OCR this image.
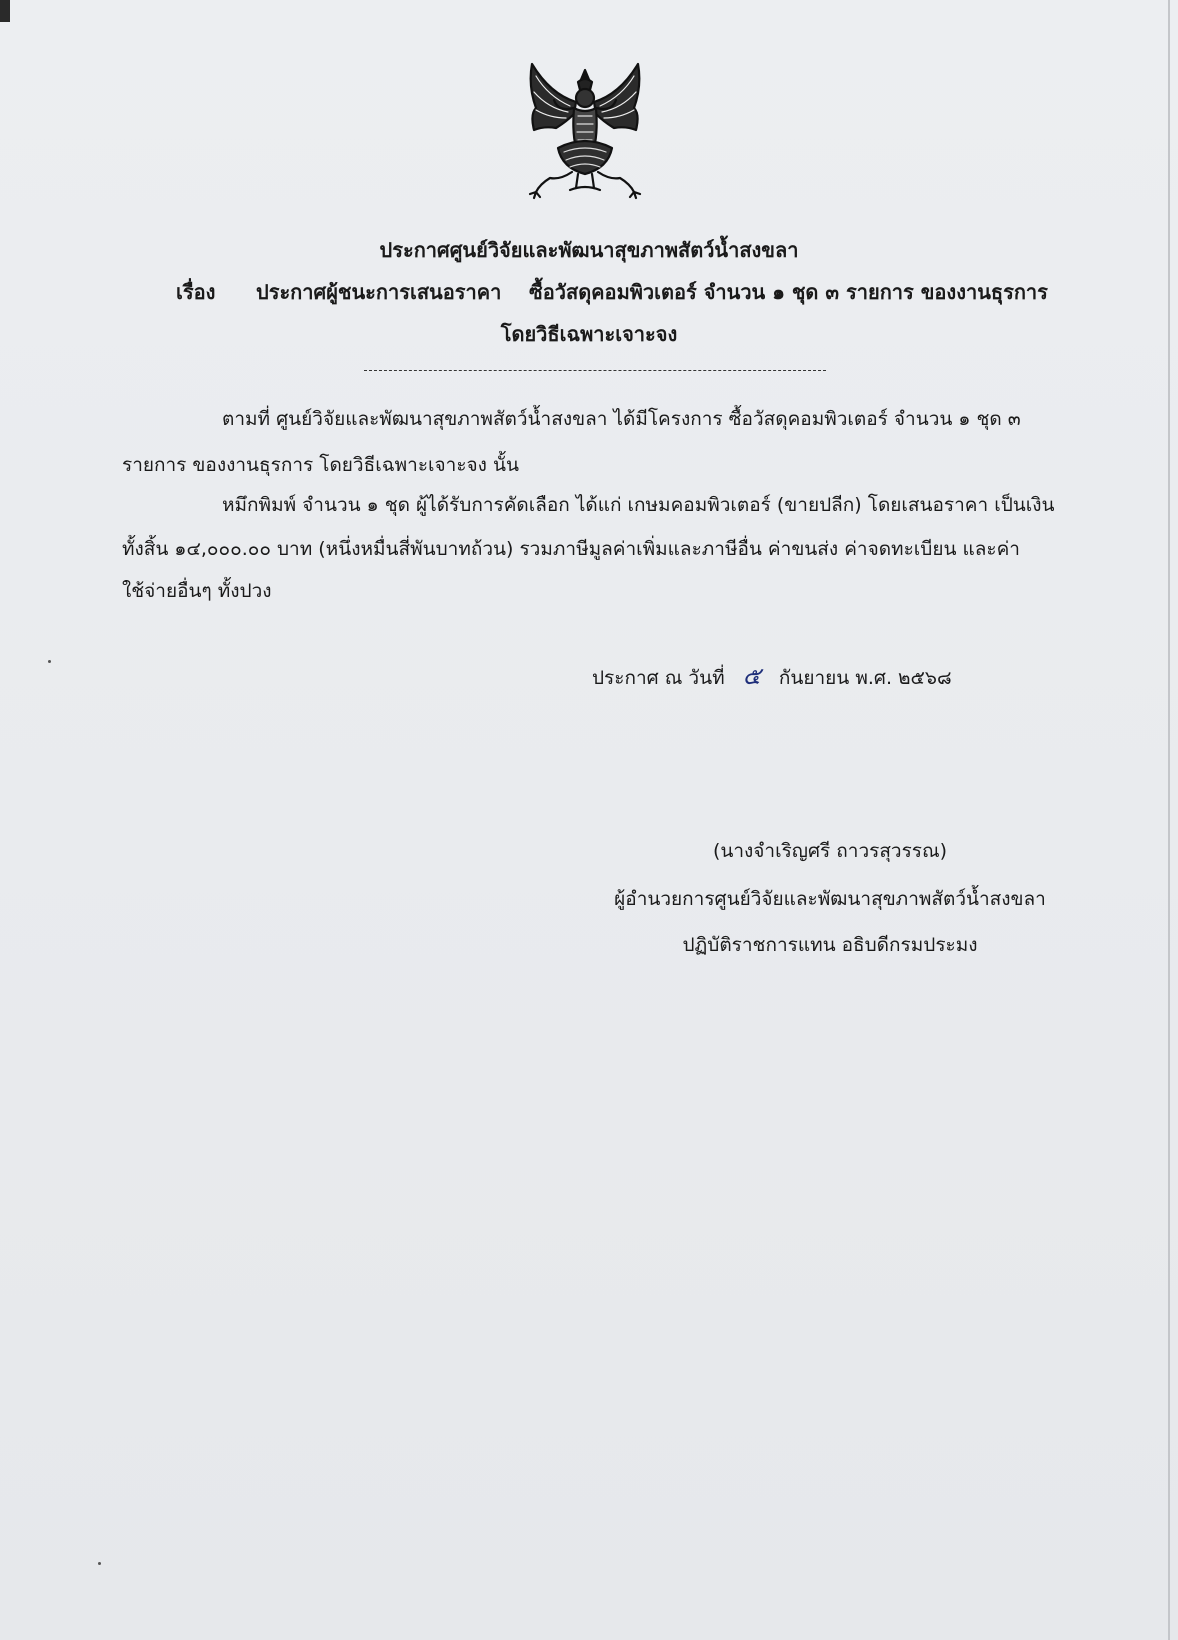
ประกาศศูนย์วิจัยและพัฒนาสุขภาพสัตว์น้ำสงขลา
เรื่อง ประกาศผู้ชนะการเสนอราคา    ซื้อวัสดุคอมพิวเตอร์ จำนวน ๑ ชุด ๓ รายการ ของงานธุรการ
โดยวิธีเฉพาะเจาะจง
ตามที่ ศูนย์วิจัยและพัฒนาสุขภาพสัตว์น้ำสงขลา ได้มีโครงการ ซื้อวัสดุคอมพิวเตอร์ จำนวน ๑ ชุด ๓
รายการ ของงานธุรการ โดยวิธีเฉพาะเจาะจง นั้น
หมึกพิมพ์ จำนวน ๑ ชุด ผู้ได้รับการคัดเลือก ได้แก่ เกษมคอมพิวเตอร์ (ขายปลีก) โดยเสนอราคา เป็นเงิน
ทั้งสิ้น ๑๔,๐๐๐.๐๐ บาท (หนึ่งหมื่นสี่พันบาทถ้วน) รวมภาษีมูลค่าเพิ่มและภาษีอื่น ค่าขนส่ง ค่าจดทะเบียน และค่า
ใช้จ่ายอื่นๆ ทั้งปวง
ประกาศ ณ วันที่ ๕ กันยายน พ.ศ. ๒๕๖๘
(นางจำเริญศรี ถาวรสุวรรณ)
ผู้อำนวยการศูนย์วิจัยและพัฒนาสุขภาพสัตว์น้ำสงขลา
ปฏิบัติราชการแทน อธิบดีกรมประมง
